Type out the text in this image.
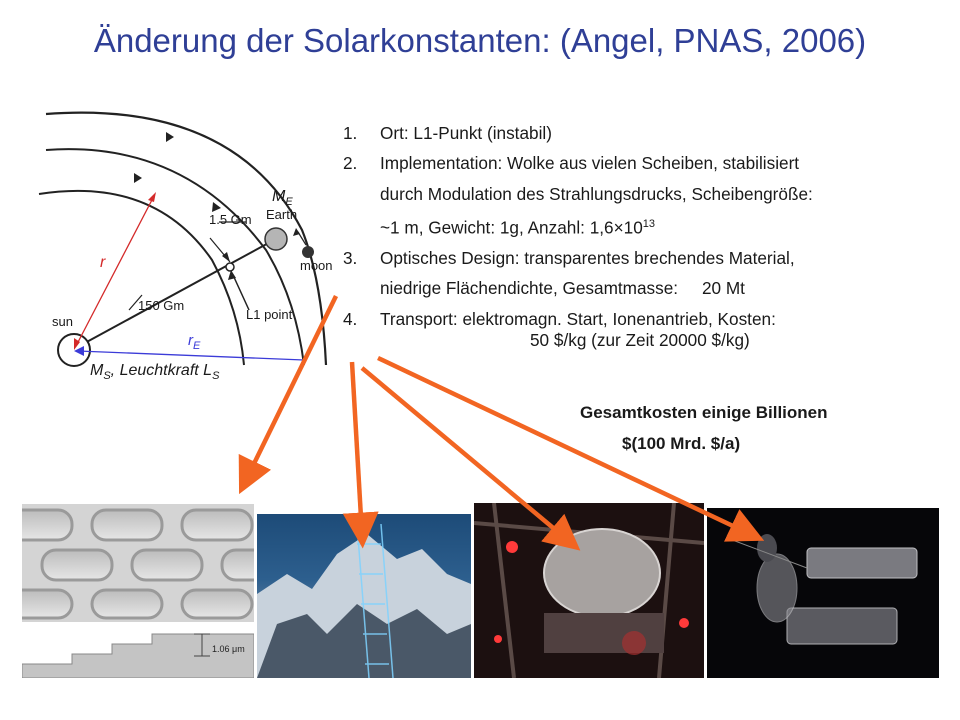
Änderung der Solarkonstanten: (Angel, PNAS, 2006)
$M_E$
Earth
1.5 Gm
moon
r
150 Gm
L1 point
sun
$r_E$
$M_S$, Leuchtkraft $L_S$
1. Ort: L1-Punkt (instabil)
2. Implementation: Wolke aus vielen Scheiben, stabilisiert
durch Modulation des Strahlungsdrucks, Scheibengröße:
~1 m, Gewicht: 1g, Anzahl: $1,6\times 10^{13}$
3. Optisches Design: transparentes brechendes Material,
niedrige Flächendichte, Gesamtmasse:     20 Mt
4. Transport: elektromagn. Start, Ionenantrieb, Kosten:
50 $/kg (zur Zeit 20000 $/kg)
Gesamtkosten einige Billionen
$(100 Mrd. $/a)
1.06 μm
